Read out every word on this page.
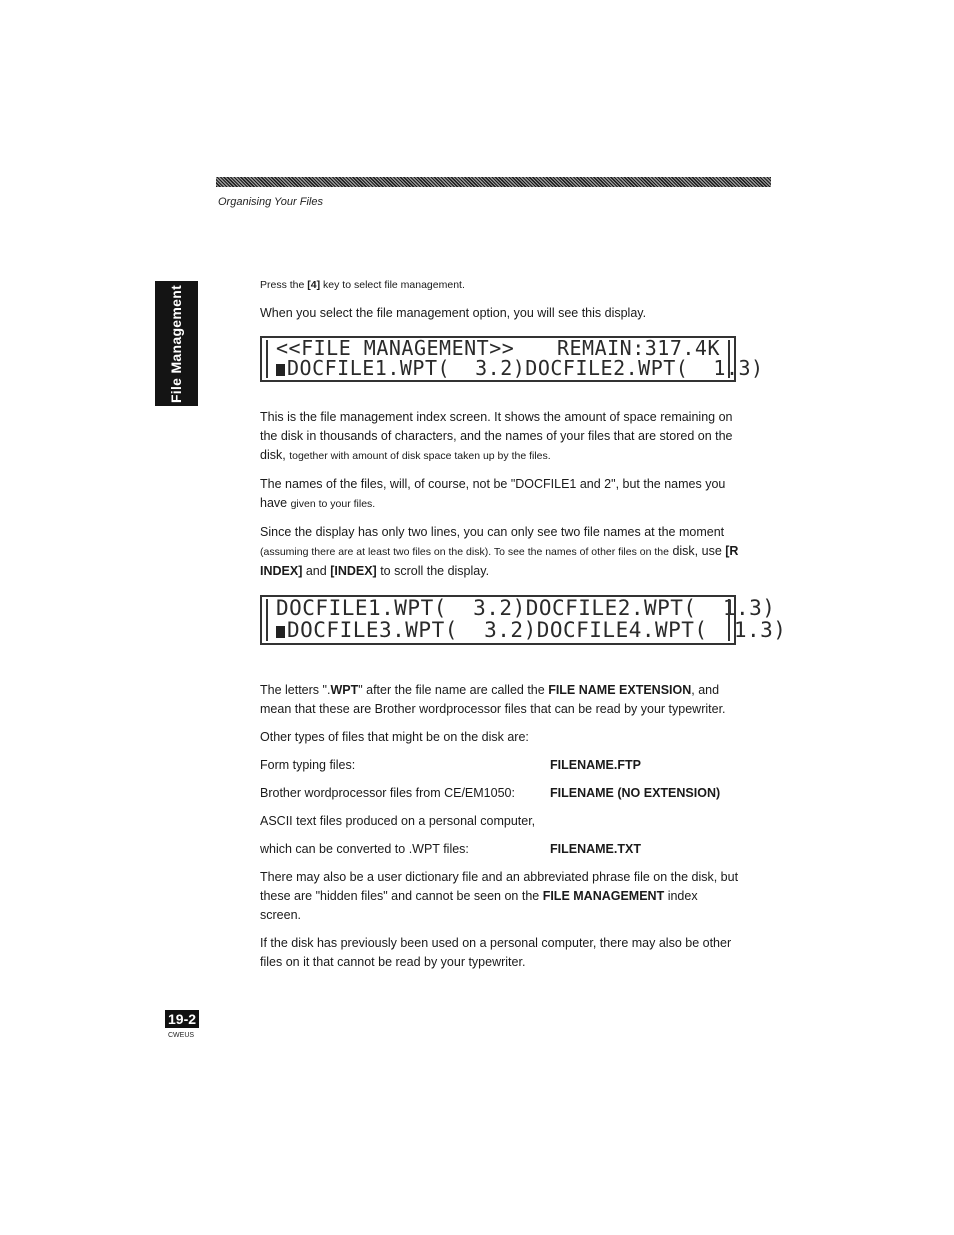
Organising Your Files
File Management	Press the [4] key to select file management.

When you select the file management option, you will see this display.

<<FILE MANAGEMENT>> REMAIN:317.4K
DOCFILE1.WPT(  3.2) DOCFILE2.WPT(  1.3)

This is the file management index screen. It shows the amount of space remaining on the disk in thousands of characters, and the names of your files that are stored on the disk, together with amount of disk space taken up by the files.

The names of the files, will, of course, not be "DOCFILE1 and 2", but the names you have given to your files.

Since the display has only two lines, you can only see two file names at the moment (assuming there are at least two files on the disk). To see the names of other files on the disk, use [R INDEX] and [INDEX] to scroll the display.

DOCFILE1.WPT(  3.2) DOCFILE2.WPT(  1.3)
DOCFILE3.WPT(  3.2) DOCFILE4.WPT(  1.3)

The letters ".WPT" after the file name are called the FILE NAME EXTENSION, and mean that these are Brother wordprocessor files that can be read by your typewriter.

Other types of files that might be on the disk are:

Form typing files:	FILENAME.FTP
Brother wordprocessor files from CE/EM1050:	FILENAME (NO EXTENSION)
ASCII text files produced on a personal computer,
which can be converted to .WPT files:	FILENAME.TXT

There may also be a user dictionary file and an abbreviated phrase file on the disk, but these are "hidden files" and cannot be seen on the FILE MANAGEMENT index screen.

If the disk has previously been used on a personal computer, there may also be other files on it that cannot be read by your typewriter.

19-2
CWEUS
